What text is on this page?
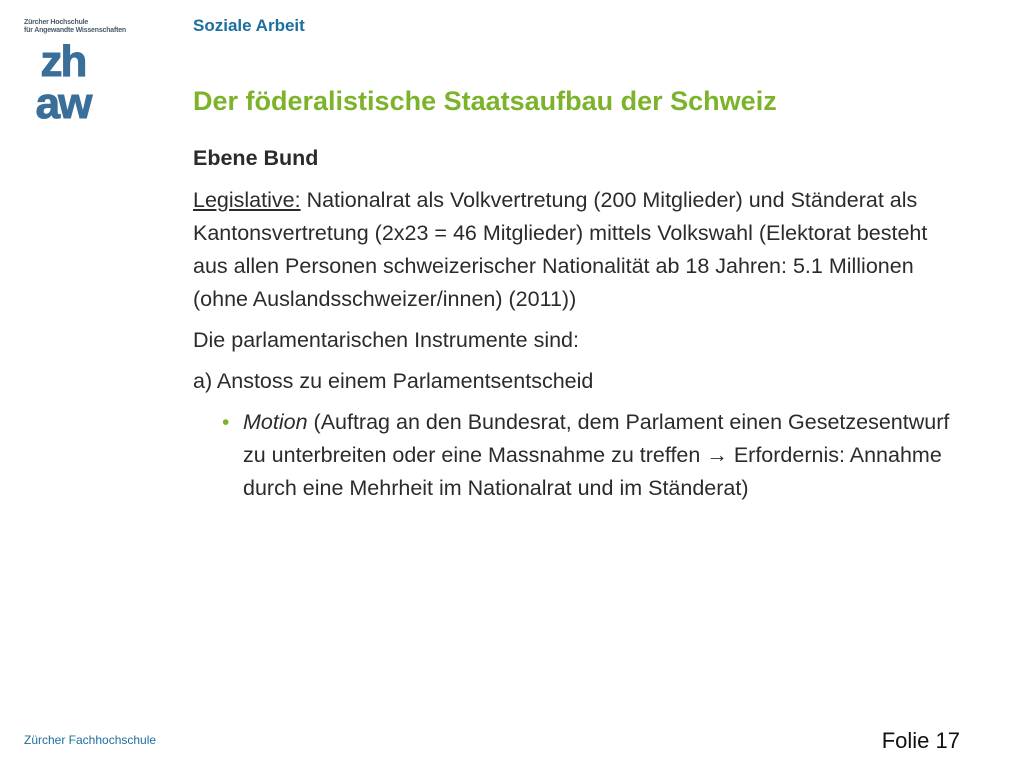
Zürcher Hochschule
für Angewandte Wissenschaften
zh
aw
Soziale Arbeit
Der föderalistische Staatsaufbau der Schweiz

Ebene Bund

Legislative: Nationalrat als Volkvertretung (200 Mitglieder) und Ständerat als Kantonsvertretung (2x23 = 46 Mitglieder) mittels Volkswahl (Elektorat besteht aus allen Personen schweizerischer Nationalität ab 18 Jahren: 5.1 Millionen (ohne Auslandsschweizer/innen) (2011))

Die parlamentarischen Instrumente sind:

a) Anstoss zu einem Parlamentsentscheid

• Motion (Auftrag an den Bundesrat, dem Parlament einen Gesetzesentwurf zu unterbreiten oder eine Massnahme zu treffen → Erfordernis: Annahme durch eine Mehrheit im Nationalrat und im Ständerat)
Zürcher Fachhochschule	Folie 17
